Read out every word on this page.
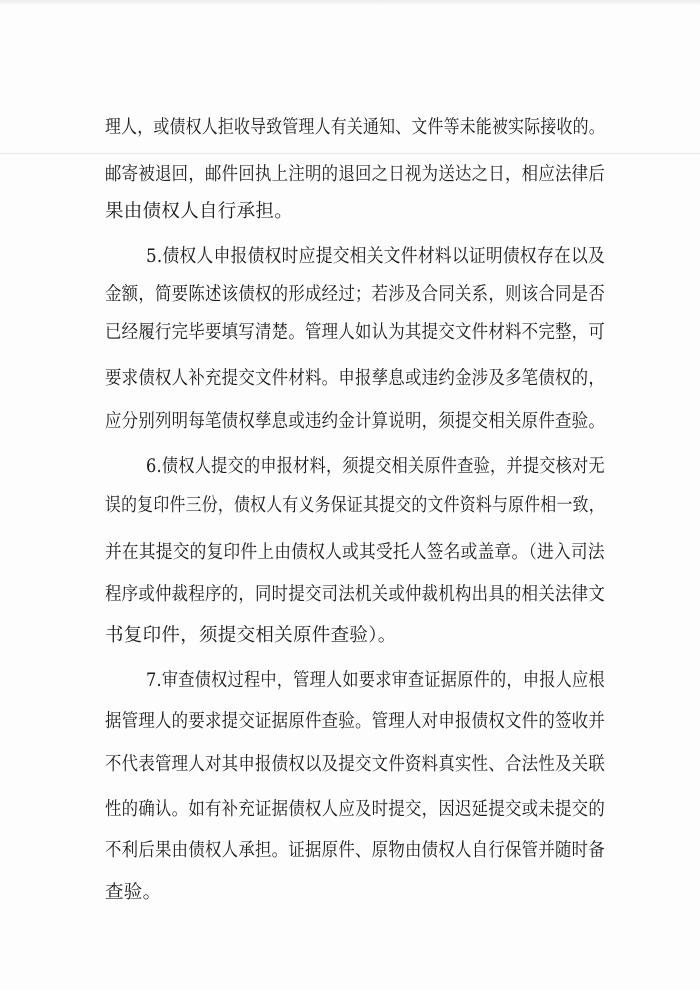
理人，或债权人拒收导致管理人有关通知、文件等未能被实际接收的。
邮寄被退回，邮件回执上注明的退回之日视为送达之日，相应法律后
果由债权人自行承担。
5.债权人申报债权时应提交相关文件材料以证明债权存在以及
金额，简要陈述该债权的形成经过；若涉及合同关系，则该合同是否
已经履行完毕要填写清楚。管理人如认为其提交文件材料不完整，可
要求债权人补充提交文件材料。申报孳息或违约金涉及多笔债权的，
应分别列明每笔债权孳息或违约金计算说明，须提交相关原件查验。
6.债权人提交的申报材料，须提交相关原件查验，并提交核对无
误的复印件三份，债权人有义务保证其提交的文件资料与原件相一致，
并在其提交的复印件上由债权人或其受托人签名或盖章。（进入司法
程序或仲裁程序的，同时提交司法机关或仲裁机构出具的相关法律文
书复印件，须提交相关原件查验）。
7.审查债权过程中，管理人如要求审查证据原件的，申报人应根
据管理人的要求提交证据原件查验。管理人对申报债权文件的签收并
不代表管理人对其申报债权以及提交文件资料真实性、合法性及关联
性的确认。如有补充证据债权人应及时提交，因迟延提交或未提交的
不利后果由债权人承担。证据原件、原物由债权人自行保管并随时备
查验。
